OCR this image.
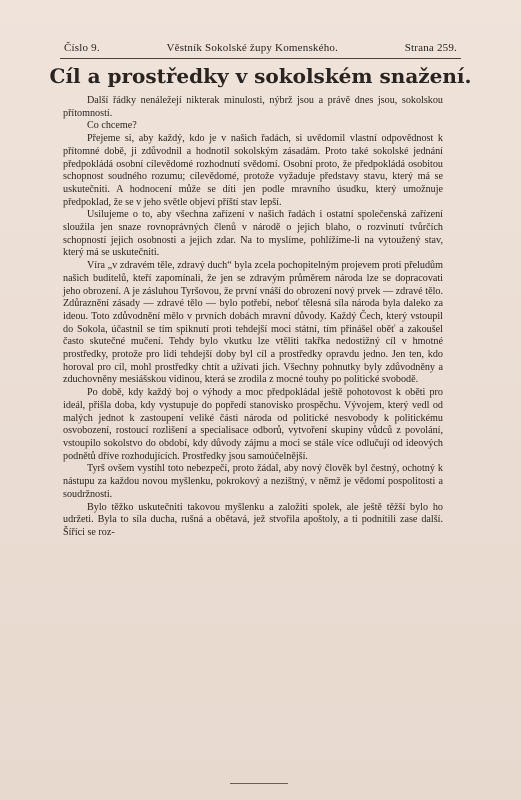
Číslo 9.	Věstník Sokolské župy Komenského.	Strana 259.
Cíl a prostředky v sokolském snažení.

Další řádky nenáležejí nikterak minulosti, nýbrž jsou a právě dnes jsou, sokolskou přítomností.

Co chceme?

Přejeme si, aby každý, kdo je v našich řadách, si uvědomil vlastní odpovědnost k přítomné době, ji zdůvodnil a hodnotil sokolským zásadám. Proto také sokolské jednání předpokládá osobní cílevědomé rozhodnutí svědomí. Osobní proto, že předpokládá osobitou schopnost soudného rozumu; cílevědomé, protože vyžaduje představy stavu, který má se uskutečniti. A hodnocení může se díti jen podle mravního úsudku, který umožnuje předpoklad, že se v jeho světle objeví příští stav lepší.

Usilujeme o to, aby všechna zařízení v našich řadách i ostatní společenská zařízení sloužila jen snaze rovnoprávných členů v národě o jejich blaho, o rozvinutí tvůrčích schopností jejich osobnosti a jejich zdar. Na to myslíme, pohlížíme-li na vytoužený stav, který má se uskutečniti.

Víra „v zdravém těle, zdravý duch“ byla zcela pochopitelným projevem proti přeludům našich buditelů, kteří zapomínali, že jen se zdravým průměrem národa lze se dopracovati jeho obrození. A je zásluhou Tyršovou, že první vnáší do obrození nový prvek — zdravé tělo. Zdůraznění zásady — zdravé tělo — bylo potřebí, neboť tělesná síla národa byla daleko za ideou. Toto zdůvodnění mělo v prvních dobách mravní důvody. Každý Čech, který vstoupil do Sokola, účastnil se tím spiknutí proti tehdejší moci státní, tím přinášel oběť a zakoušel často skutečné mučení. Tehdy bylo vkutku lze vtěliti takřka nedostižný cíl v hmotné prostředky, protože pro lidi tehdejší doby byl cíl a prostředky opravdu jedno. Jen ten, kdo horoval pro cíl, mohl prostředky chtít a užívati jich. Všechny pohnutky byly zdůvodněny a zduchovněny mesiášskou vidinou, která se zrodila z mocné touhy po politické svobodě.

Po době, kdy každý boj o výhody a moc předpokládal ještě pohotovost k oběti pro ideál, přišla doba, kdy vystupuje do popředí stanovisko prospěchu. Vývojem, který vedl od malých jednot k zastoupení veliké části národa od politické nesvobody k politickému osvobození, rostoucí rozlišení a specialisace odborů, vytvoření skupiny vůdců z povolání, vstoupilo sokolstvo do období, kdy důvody zájmu a moci se stále více odlučují od ideových podnětů dříve rozhodujících. Prostředky jsou samoúčelnější.

Tyrš ovšem vystihl toto nebezpečí, proto žádal, aby nový člověk byl čestný, ochotný k nástupu za každou novou myšlenku, pokrokový a nezištný, v němž je vědomí pospolitosti a soudržnosti.

Bylo těžko uskutečniti takovou myšlenku a založiti spolek, ale ještě těžší bylo ho udržeti. Byla to síla ducha, rušná a obětavá, jež stvořila apoštoly, a ti podnítili zase další. Šíříci se roz-
